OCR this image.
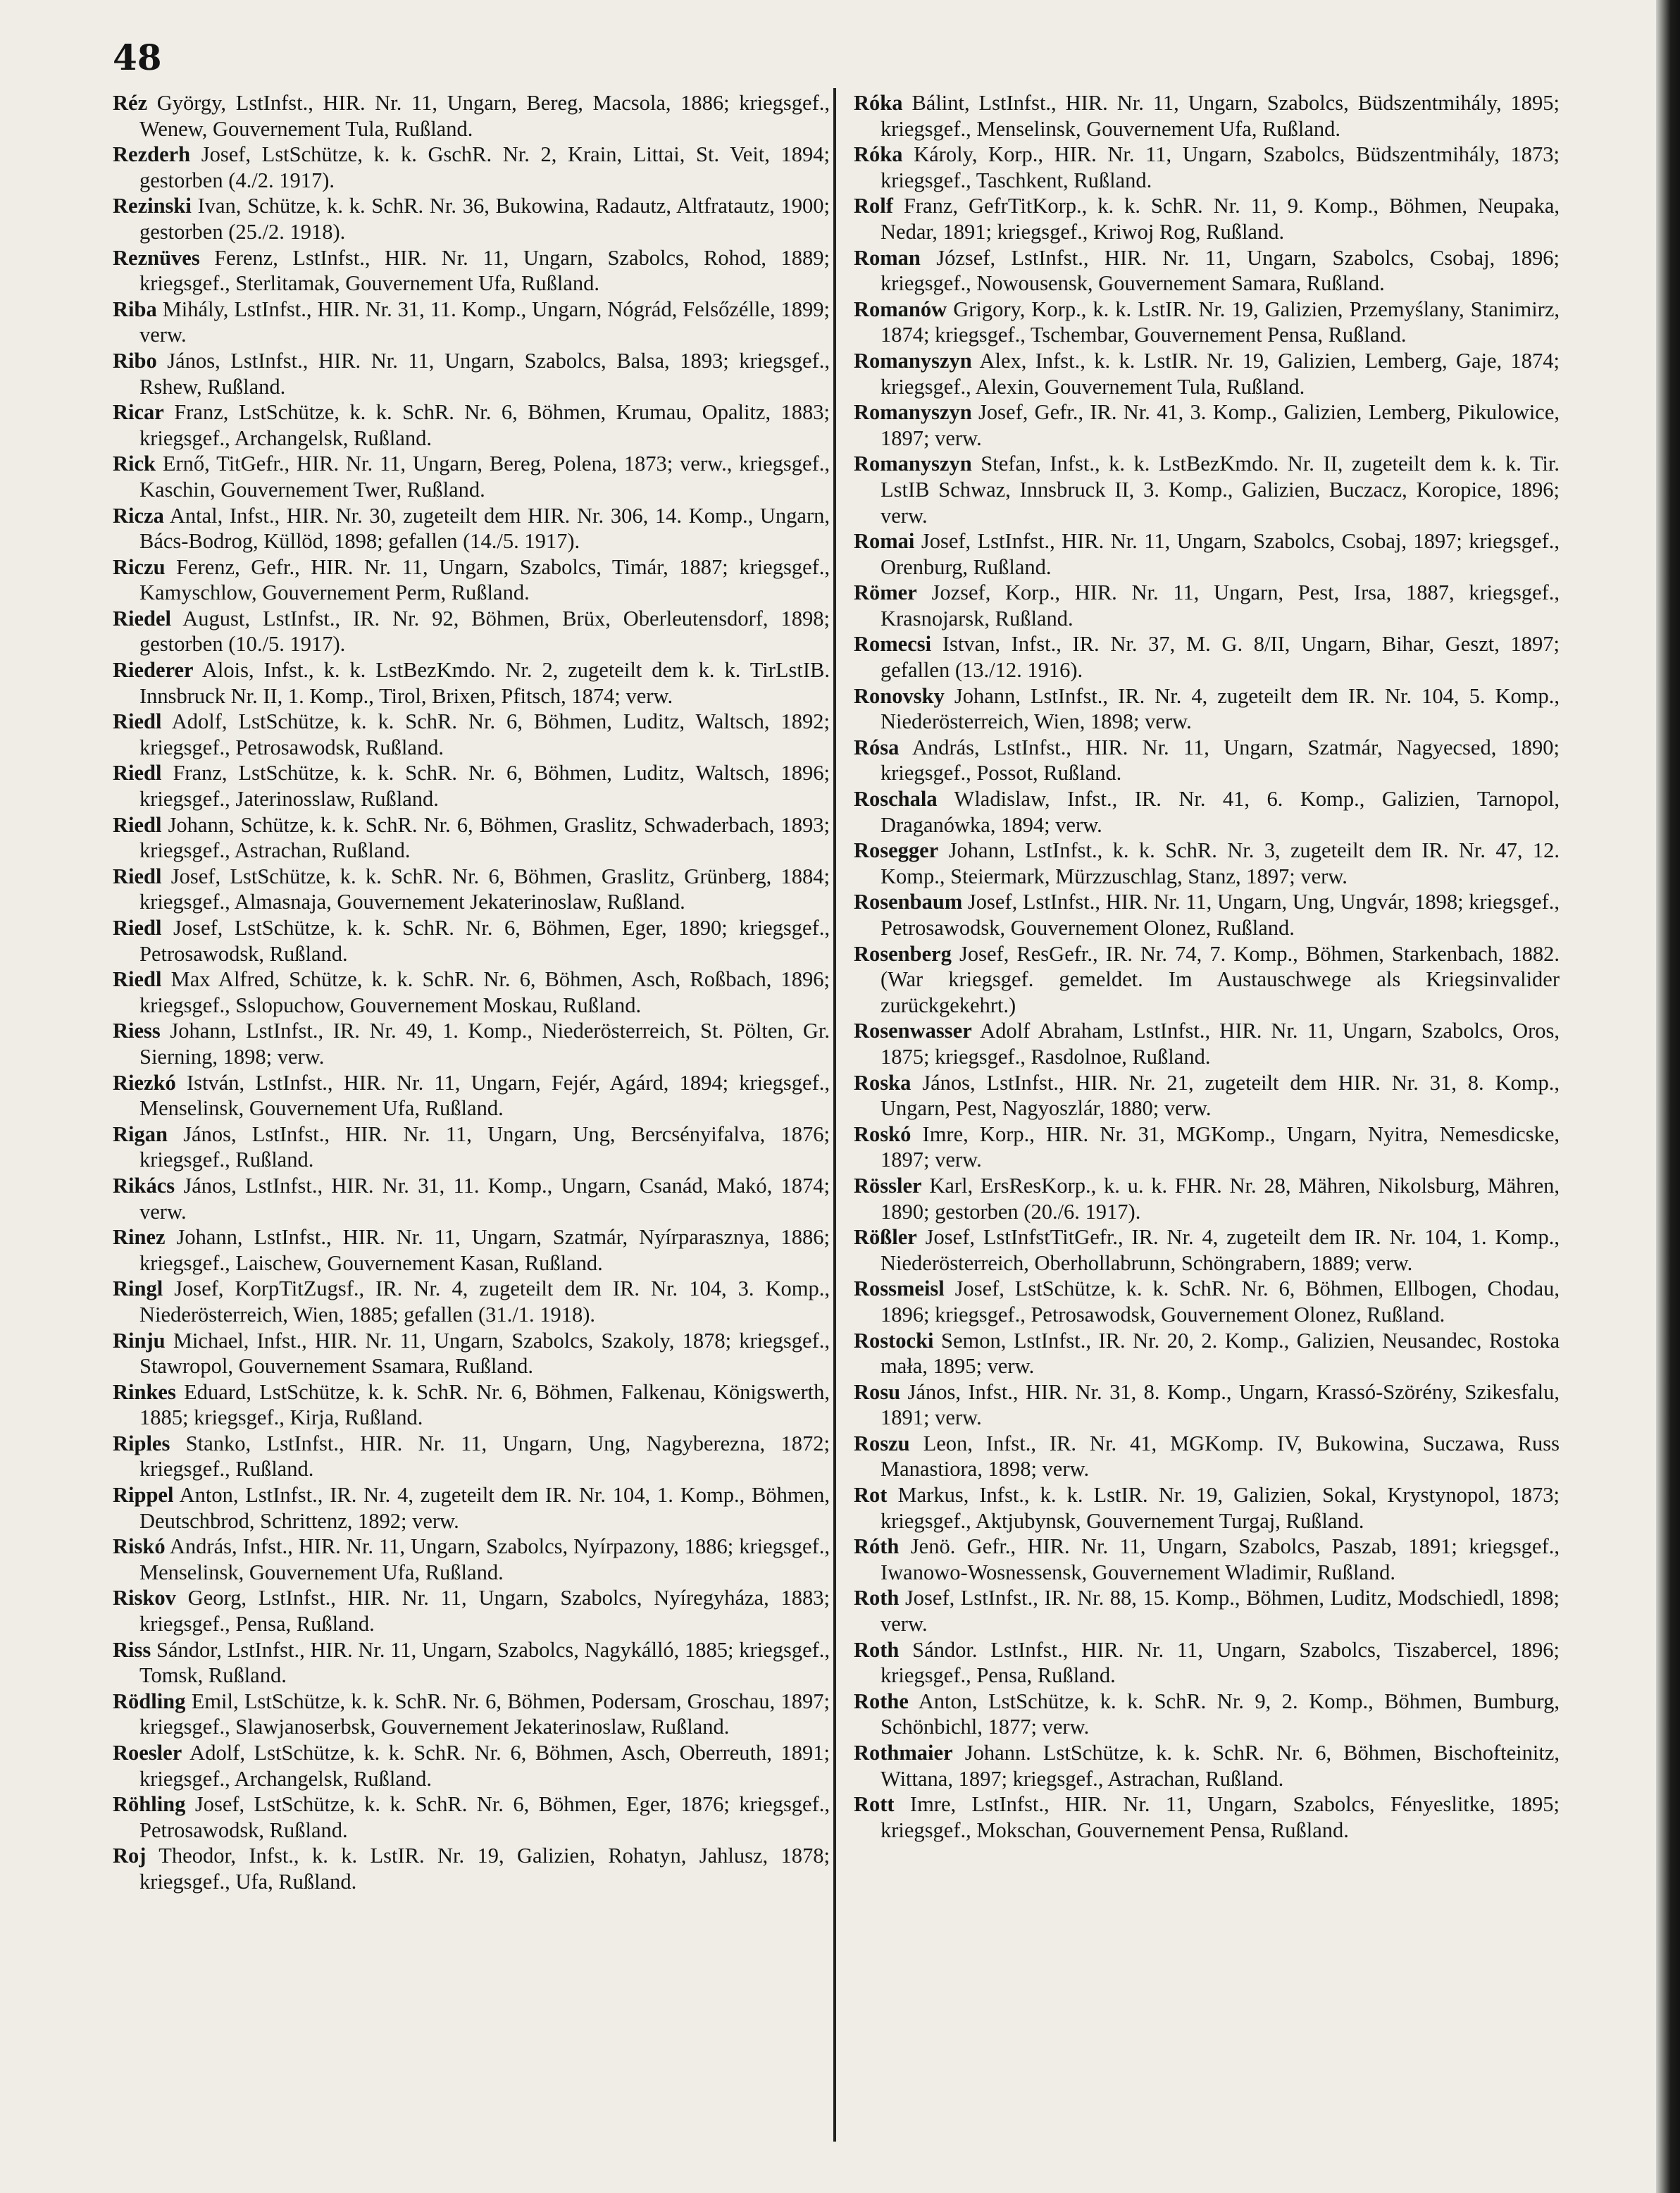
48

Réz György, LstInfst., HIR. Nr. 11, Ungarn, Bereg, Macsola, 1886; kriegsgef., Wenew, Gouvernement Tula, Rußland.

Rezderh Josef, LstSchütze, k. k. GschR. Nr. 2, Krain, Littai, St. Veit, 1894; gestorben (4./2. 1917).

Rezinski Ivan, Schütze, k. k. SchR. Nr. 36, Bukowina, Radautz, Altfratautz, 1900; gestorben (25./2. 1918).

Reznüves Ferenz, LstInfst., HIR. Nr. 11, Ungarn, Szabolcs, Rohod, 1889; kriegsgef., Sterlitamak, Gouvernement Ufa, Rußland.

Riba Mihály, LstInfst., HIR. Nr. 31, 11. Komp., Ungarn, Nógrád, Felsőzélle, 1899; verw.

Ribo János, LstInfst., HIR. Nr. 11, Ungarn, Szabolcs, Balsa, 1893; kriegsgef., Rshew, Rußland.

Ricar Franz, LstSchütze, k. k. SchR. Nr. 6, Böhmen, Krumau, Opalitz, 1883; kriegsgef., Archangelsk, Rußland.

Rick Ernő, TitGefr., HIR. Nr. 11, Ungarn, Bereg, Polena, 1873; verw., kriegsgef., Kaschin, Gouvernement Twer, Rußland.

Ricza Antal, Infst., HIR. Nr. 30, zugeteilt dem HIR. Nr. 306, 14. Komp., Ungarn, Bács-Bodrog, Küllöd, 1898; gefallen (14./5. 1917).

Riczu Ferenz, Gefr., HIR. Nr. 11, Ungarn, Szabolcs, Timár, 1887; kriegsgef., Kamyschlow, Gouvernement Perm, Rußland.

Riedel August, LstInfst., IR. Nr. 92, Böhmen, Brüx, Oberleutensdorf, 1898; gestorben (10./5. 1917).

Riederer Alois, Infst., k. k. LstBezKmdo. Nr. 2, zugeteilt dem k. k. TirLstIB. Innsbruck Nr. II, 1. Komp., Tirol, Brixen, Pfitsch, 1874; verw.

Riedl Adolf, LstSchütze, k. k. SchR. Nr. 6, Böhmen, Luditz, Waltsch, 1892; kriegsgef., Petrosawodsk, Rußland.

Riedl Franz, LstSchütze, k. k. SchR. Nr. 6, Böhmen, Luditz, Waltsch, 1896; kriegsgef., Jaterinosslaw, Rußland.

Riedl Johann, Schütze, k. k. SchR. Nr. 6, Böhmen, Graslitz, Schwaderbach, 1893; kriegsgef., Astrachan, Rußland.

Riedl Josef, LstSchütze, k. k. SchR. Nr. 6, Böhmen, Graslitz, Grünberg, 1884; kriegsgef., Almasnaja, Gouvernement Jekaterinoslaw, Rußland.

Riedl Josef, LstSchütze, k. k. SchR. Nr. 6, Böhmen, Eger, 1890; kriegsgef., Petrosawodsk, Rußland.

Riedl Max Alfred, Schütze, k. k. SchR. Nr. 6, Böhmen, Asch, Roßbach, 1896; kriegsgef., Sslopuchow, Gouvernement Moskau, Rußland.

Riess Johann, LstInfst., IR. Nr. 49, 1. Komp., Niederösterreich, St. Pölten, Gr. Sierning, 1898; verw.

Riezkó István, LstInfst., HIR. Nr. 11, Ungarn, Fejér, Agárd, 1894; kriegsgef., Menselinsk, Gouvernement Ufa, Rußland.

Rigan János, LstInfst., HIR. Nr. 11, Ungarn, Ung, Bercsényifalva, 1876; kriegsgef., Rußland.

Rikács János, LstInfst., HIR. Nr. 31, 11. Komp., Ungarn, Csanád, Makó, 1874; verw.

Rinez Johann, LstInfst., HIR. Nr. 11, Ungarn, Szatmár, Nyírparasznya, 1886; kriegsgef., Laischew, Gouvernement Kasan, Rußland.

Ringl Josef, KorpTitZugsf., IR. Nr. 4, zugeteilt dem IR. Nr. 104, 3. Komp., Niederösterreich, Wien, 1885; gefallen (31./1. 1918).

Rinju Michael, Infst., HIR. Nr. 11, Ungarn, Szabolcs, Szakoly, 1878; kriegsgef., Stawropol, Gouvernement Ssamara, Rußland.

Rinkes Eduard, LstSchütze, k. k. SchR. Nr. 6, Böhmen, Falkenau, Königswerth, 1885; kriegsgef., Kirja, Rußland.

Riples Stanko, LstInfst., HIR. Nr. 11, Ungarn, Ung, Nagyberezna, 1872; kriegsgef., Rußland.

Rippel Anton, LstInfst., IR. Nr. 4, zugeteilt dem IR. Nr. 104, 1. Komp., Böhmen, Deutschbrod, Schrittenz, 1892; verw.

Riskó András, Infst., HIR. Nr. 11, Ungarn, Szabolcs, Nyírpazony, 1886; kriegsgef., Menselinsk, Gouvernement Ufa, Rußland.

Riskov Georg, LstInfst., HIR. Nr. 11, Ungarn, Szabolcs, Nyíregyháza, 1883; kriegsgef., Pensa, Rußland.

Riss Sándor, LstInfst., HIR. Nr. 11, Ungarn, Szabolcs, Nagykálló, 1885; kriegsgef., Tomsk, Rußland.

Rödling Emil, LstSchütze, k. k. SchR. Nr. 6, Böhmen, Podersam, Groschau, 1897; kriegsgef., Slawjanoserbsk, Gouvernement Jekaterinoslaw, Rußland.

Roesler Adolf, LstSchütze, k. k. SchR. Nr. 6, Böhmen, Asch, Oberreuth, 1891; kriegsgef., Archangelsk, Rußland.

Röhling Josef, LstSchütze, k. k. SchR. Nr. 6, Böhmen, Eger, 1876; kriegsgef., Petrosawodsk, Rußland.

Roj Theodor, Infst., k. k. LstIR. Nr. 19, Galizien, Rohatyn, Jahlusz, 1878; kriegsgef., Ufa, Rußland.

Róka Bálint, LstInfst., HIR. Nr. 11, Ungarn, Szabolcs, Büdszentmihály, 1895; kriegsgef., Menselinsk, Gouvernement Ufa, Rußland.

Róka Károly, Korp., HIR. Nr. 11, Ungarn, Szabolcs, Büdszentmihály, 1873; kriegsgef., Taschkent, Rußland.

Rolf Franz, GefrTitKorp., k. k. SchR. Nr. 11, 9. Komp., Böhmen, Neupaka, Nedar, 1891; kriegsgef., Kriwoj Rog, Rußland.

Roman József, LstInfst., HIR. Nr. 11, Ungarn, Szabolcs, Csobaj, 1896; kriegsgef., Nowousensk, Gouvernement Samara, Rußland.

Romanów Grigory, Korp., k. k. LstIR. Nr. 19, Galizien, Przemyślany, Stanimirz, 1874; kriegsgef., Tschembar, Gouvernement Pensa, Rußland.

Romanyszyn Alex, Infst., k. k. LstIR. Nr. 19, Galizien, Lemberg, Gaje, 1874; kriegsgef., Alexin, Gouvernement Tula, Rußland.

Romanyszyn Josef, Gefr., IR. Nr. 41, 3. Komp., Galizien, Lemberg, Pikulowice, 1897; verw.

Romanyszyn Stefan, Infst., k. k. LstBezKmdo. Nr. II, zugeteilt dem k. k. Tir. LstIB Schwaz, Innsbruck II, 3. Komp., Galizien, Buczacz, Koropice, 1896; verw.

Romai Josef, LstInfst., HIR. Nr. 11, Ungarn, Szabolcs, Csobaj, 1897; kriegsgef., Orenburg, Rußland.

Römer Jozsef, Korp., HIR. Nr. 11, Ungarn, Pest, Irsa, 1887, kriegsgef., Krasnojarsk, Rußland.

Romecsi Istvan, Infst., IR. Nr. 37, M. G. 8/II, Ungarn, Bihar, Geszt, 1897; gefallen (13./12. 1916).

Ronovsky Johann, LstInfst., IR. Nr. 4, zugeteilt dem IR. Nr. 104, 5. Komp., Niederösterreich, Wien, 1898; verw.

Rósa András, LstInfst., HIR. Nr. 11, Ungarn, Szatmár, Nagyecsed, 1890; kriegsgef., Possot, Rußland.

Roschala Wladislaw, Infst., IR. Nr. 41, 6. Komp., Galizien, Tarnopol, Draganówka, 1894; verw.

Rosegger Johann, LstInfst., k. k. SchR. Nr. 3, zugeteilt dem IR. Nr. 47, 12. Komp., Steiermark, Mürzzuschlag, Stanz, 1897; verw.

Rosenbaum Josef, LstInfst., HIR. Nr. 11, Ungarn, Ung, Ungvár, 1898; kriegsgef., Petrosawodsk, Gouvernement Olonez, Rußland.

Rosenberg Josef, ResGefr., IR. Nr. 74, 7. Komp., Böhmen, Starkenbach, 1882. (War kriegsgef. gemeldet. Im Austauschwege als Kriegsinvalider zurückgekehrt.)

Rosenwasser Adolf Abraham, LstInfst., HIR. Nr. 11, Ungarn, Szabolcs, Oros, 1875; kriegsgef., Rasdolnoe, Rußland.

Roska János, LstInfst., HIR. Nr. 21, zugeteilt dem HIR. Nr. 31, 8. Komp., Ungarn, Pest, Nagyoszlár, 1880; verw.

Roskó Imre, Korp., HIR. Nr. 31, MGKomp., Ungarn, Nyitra, Nemesdicske, 1897; verw.

Rössler Karl, ErsResKorp., k. u. k. FHR. Nr. 28, Mähren, Nikolsburg, Mähren, 1890; gestorben (20./6. 1917).

Rößler Josef, LstInfstTitGefr., IR. Nr. 4, zugeteilt dem IR. Nr. 104, 1. Komp., Niederösterreich, Oberhollabrunn, Schöngrabern, 1889; verw.

Rossmeisl Josef, LstSchütze, k. k. SchR. Nr. 6, Böhmen, Ellbogen, Chodau, 1896; kriegsgef., Petrosawodsk, Gouvernement Olonez, Rußland.

Rostocki Semon, LstInfst., IR. Nr. 20, 2. Komp., Galizien, Neusandec, Rostoka mała, 1895; verw.

Rosu János, Infst., HIR. Nr. 31, 8. Komp., Ungarn, Krassó-Szörény, Szikesfalu, 1891; verw.

Roszu Leon, Infst., IR. Nr. 41, MGKomp. IV, Bukowina, Suczawa, Russ Manastiora, 1898; verw.

Rot Markus, Infst., k. k. LstIR. Nr. 19, Galizien, Sokal, Krystynopol, 1873; kriegsgef., Aktjubynsk, Gouvernement Turgaj, Rußland.

Róth Jenö. Gefr., HIR. Nr. 11, Ungarn, Szabolcs, Paszab, 1891; kriegsgef., Iwanowo-Wosnessensk, Gouvernement Wladimir, Rußland.

Roth Josef, LstInfst., IR. Nr. 88, 15. Komp., Böhmen, Luditz, Modschiedl, 1898; verw.

Roth Sándor. LstInfst., HIR. Nr. 11, Ungarn, Szabolcs, Tiszabercel, 1896; kriegsgef., Pensa, Rußland.

Rothe Anton, LstSchütze, k. k. SchR. Nr. 9, 2. Komp., Böhmen, Bumburg, Schönbichl, 1877; verw.

Rothmaier Johann. LstSchütze, k. k. SchR. Nr. 6, Böhmen, Bischofteinitz, Wittana, 1897; kriegsgef., Astrachan, Rußland.

Rott Imre, LstInfst., HIR. Nr. 11, Ungarn, Szabolcs, Fényeslitke, 1895; kriegsgef., Mokschan, Gouvernement Pensa, Rußland.
